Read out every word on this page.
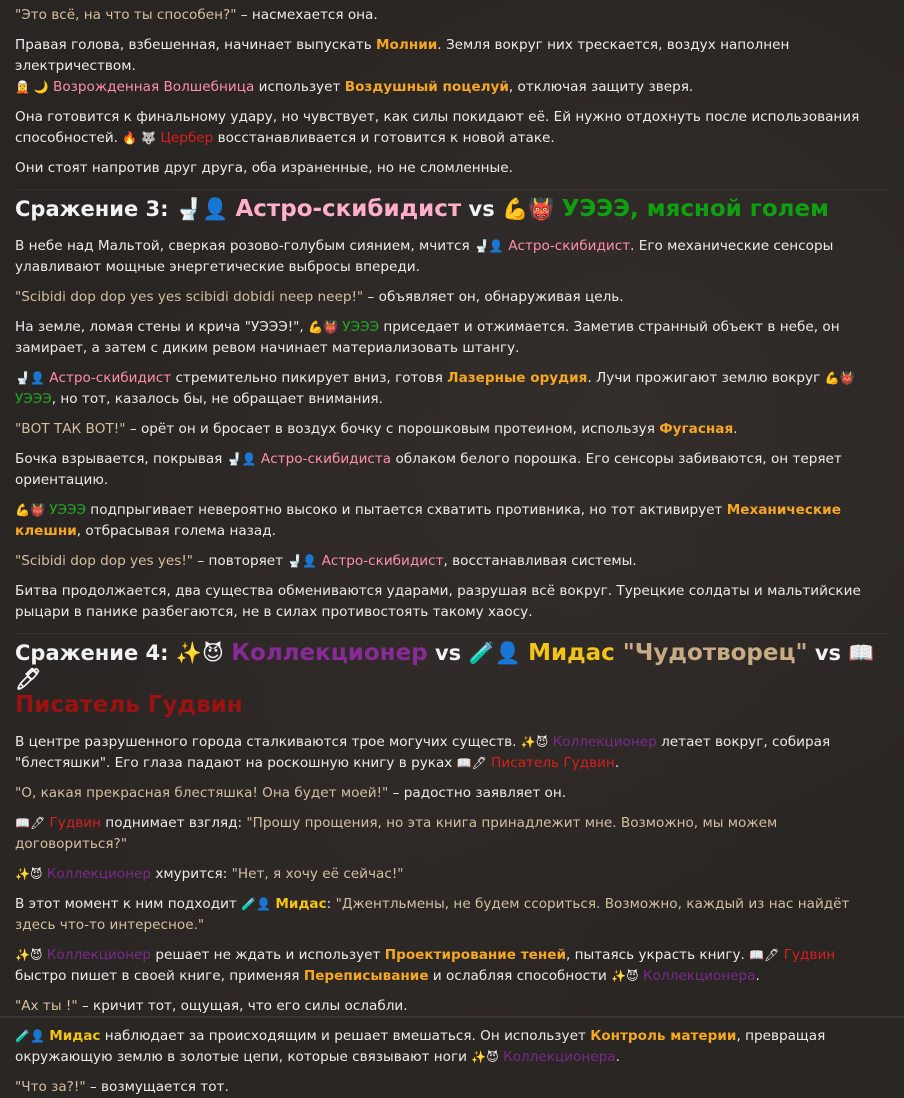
"Это всё, на что ты способен?" – насмехается она.

Правая голова, взбешенная, начинает выпускать Молнии. Земля вокруг них трескается, воздух наполнен электричеством.
🧝 🌙 Возрожденная Волшебница использует Воздушный поцелуй, отключая защиту зверя.

Она готовится к финальному удару, но чувствует, как силы покидают её. Ей нужно отдохнуть после использования способностей. 🔥 🐺 Цербер восстанавливается и готовится к новой атаке.

Они стоят напротив друг друга, оба израненные, но не сломленные.

Сражение 3: 🚽👤 Астро-скибидист vs 💪👹 УЭЭЭ, мясной голем

В небе над Мальтой, сверкая розово-голубым сиянием, мчится 🚽👤 Астро-скибидист. Его механические сенсоры улавливают мощные энергетические выбросы впереди.

"Scibidi dop dop yes yes scibidi dobidi neep neep!" – объявляет он, обнаруживая цель.

На земле, ломая стены и крича "УЭЭЭ!", 💪👹 УЭЭЭ приседает и отжимается. Заметив странный объект в небе, он замирает, а затем с диким ревом начинает материализовать штангу.

🚽👤 Астро-скибидист стремительно пикирует вниз, готовя Лазерные орудия. Лучи прожигают землю вокруг 💪👹 УЭЭЭ, но тот, казалось бы, не обращает внимания.

"ВОТ ТАК ВОТ!" – орёт он и бросает в воздух бочку с порошковым протеином, используя Фугасная.

Бочка взрывается, покрывая 🚽👤 Астро-скибидиста облаком белого порошка. Его сенсоры забиваются, он теряет ориентацию.

💪👹 УЭЭЭ подпрыгивает невероятно высоко и пытается схватить противника, но тот активирует Механические клешни, отбрасывая голема назад.

"Scibidi dop dop yes yes!" – повторяет 🚽👤 Астро-скибидист, восстанавливая системы.

Битва продолжается, два существа обмениваются ударами, разрушая всё вокруг. Турецкие солдаты и мальтийские рыцари в панике разбегаются, не в силах противостоять такому хаосу.

Сражение 4: ✨😈 Коллекционер vs 🧪👤 Мидас "Чудотворец" vs 📖🖊
Писатель Гудвин

В центре разрушенного города сталкиваются трое могучих существ. ✨😈 Коллекционер летает вокруг, собирая "блестяшки". Его глаза падают на роскошную книгу в руках 📖🖊 Писатель Гудвин.

"О, какая прекрасная блестяшка! Она будет моей!" – радостно заявляет он.

📖🖊 Гудвин поднимает взгляд: "Прошу прощения, но эта книга принадлежит мне. Возможно, мы можем договориться?"

✨😈 Коллекционер хмурится: "Нет, я хочу её сейчас!"

В этот момент к ним подходит 🧪👤 Мидас: "Джентльмены, не будем ссориться. Возможно, каждый из нас найдёт здесь что-то интересное."

✨😈 Коллекционер решает не ждать и использует Проектирование теней, пытаясь украсть книгу. 📖🖊 Гудвин быстро пишет в своей книге, применяя Переписывание и ослабляя способности ✨😈 Коллекционера.

"Ах ты !" – кричит тот, ощущая, что его силы ослабли.

🧪👤 Мидас наблюдает за происходящим и решает вмешаться. Он использует Контроль материи, превращая окружающую землю в золотые цепи, которые связывают ноги ✨😈 Коллекционера.

"Что за?!" – возмущается тот.
